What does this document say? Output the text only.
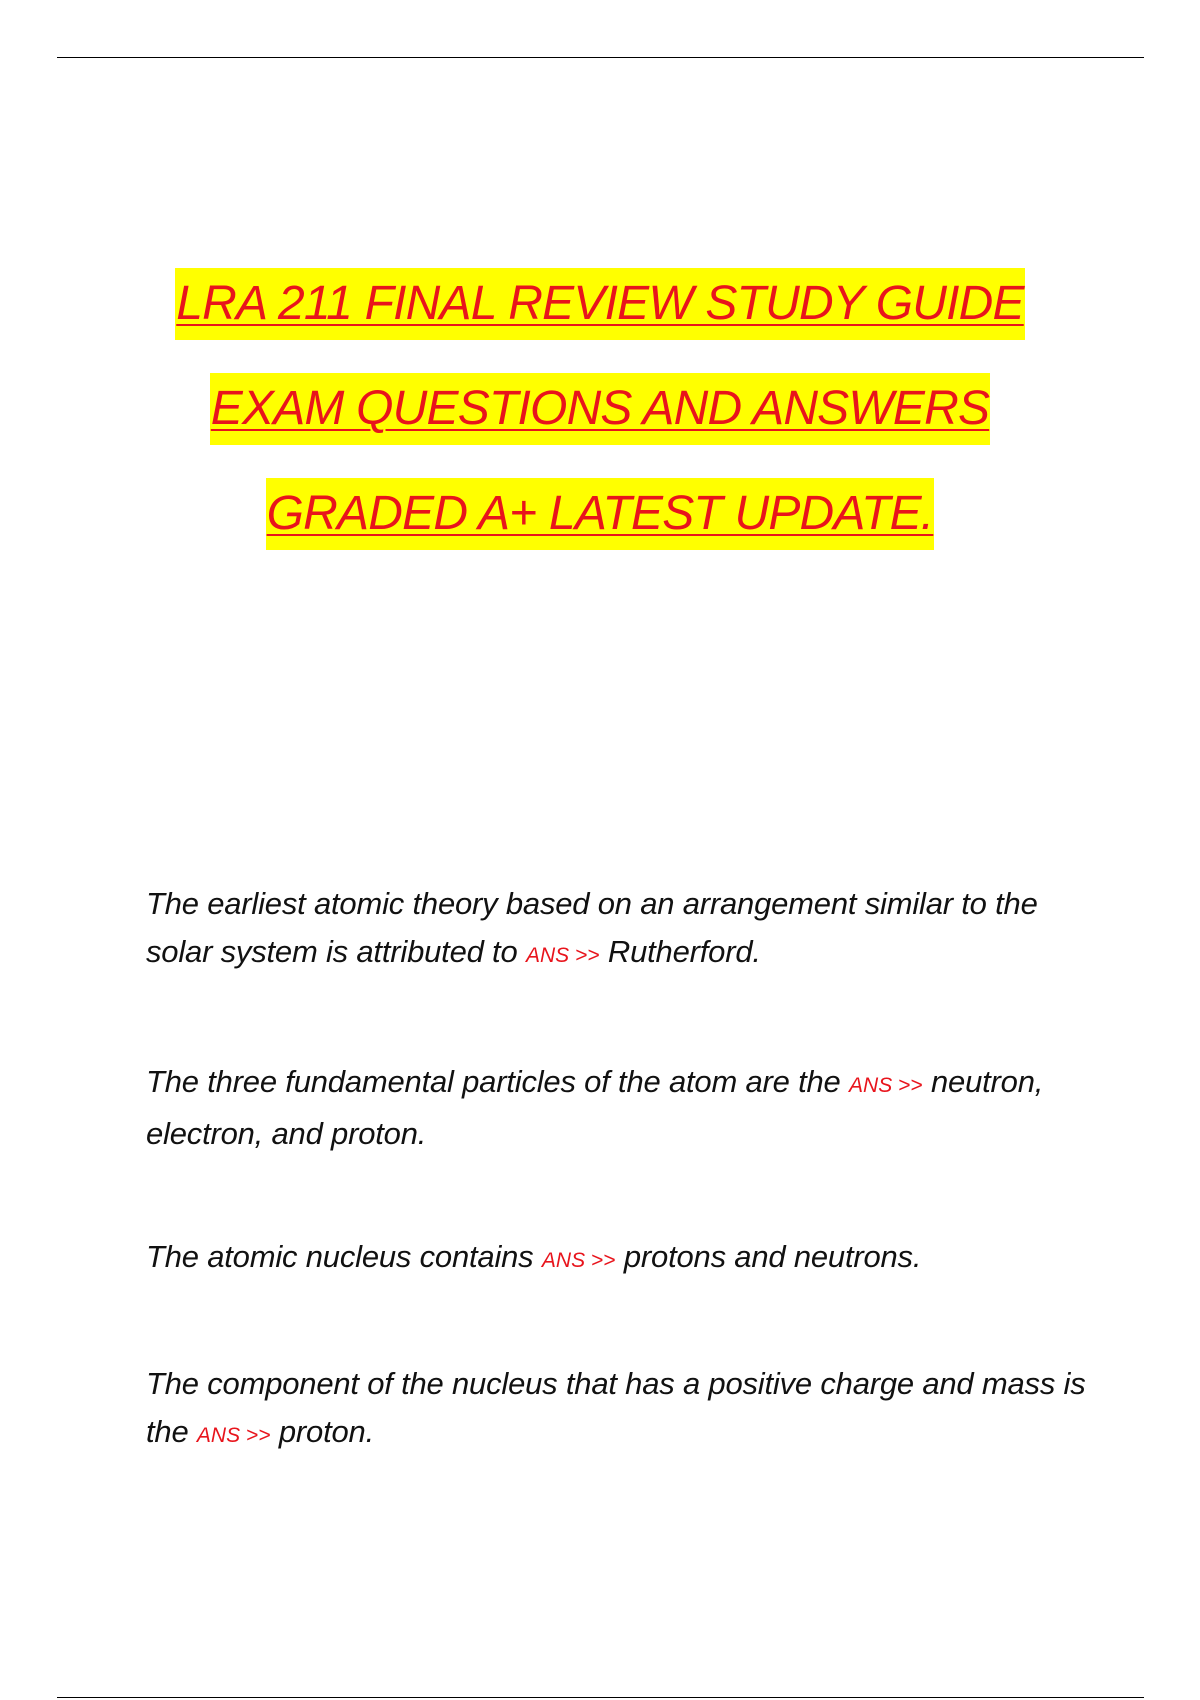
LRA 211 FINAL REVIEW STUDY GUIDE
EXAM QUESTIONS AND ANSWERS
GRADED A+ LATEST UPDATE.
The earliest atomic theory based on an arrangement similar to the solar system is attributed to ANS >> Rutherford.
The three fundamental particles of the atom are the ANS >> neutron, electron, and proton.
The atomic nucleus contains ANS >> protons and neutrons.
The component of the nucleus that has a positive charge and mass is the ANS >> proton.
